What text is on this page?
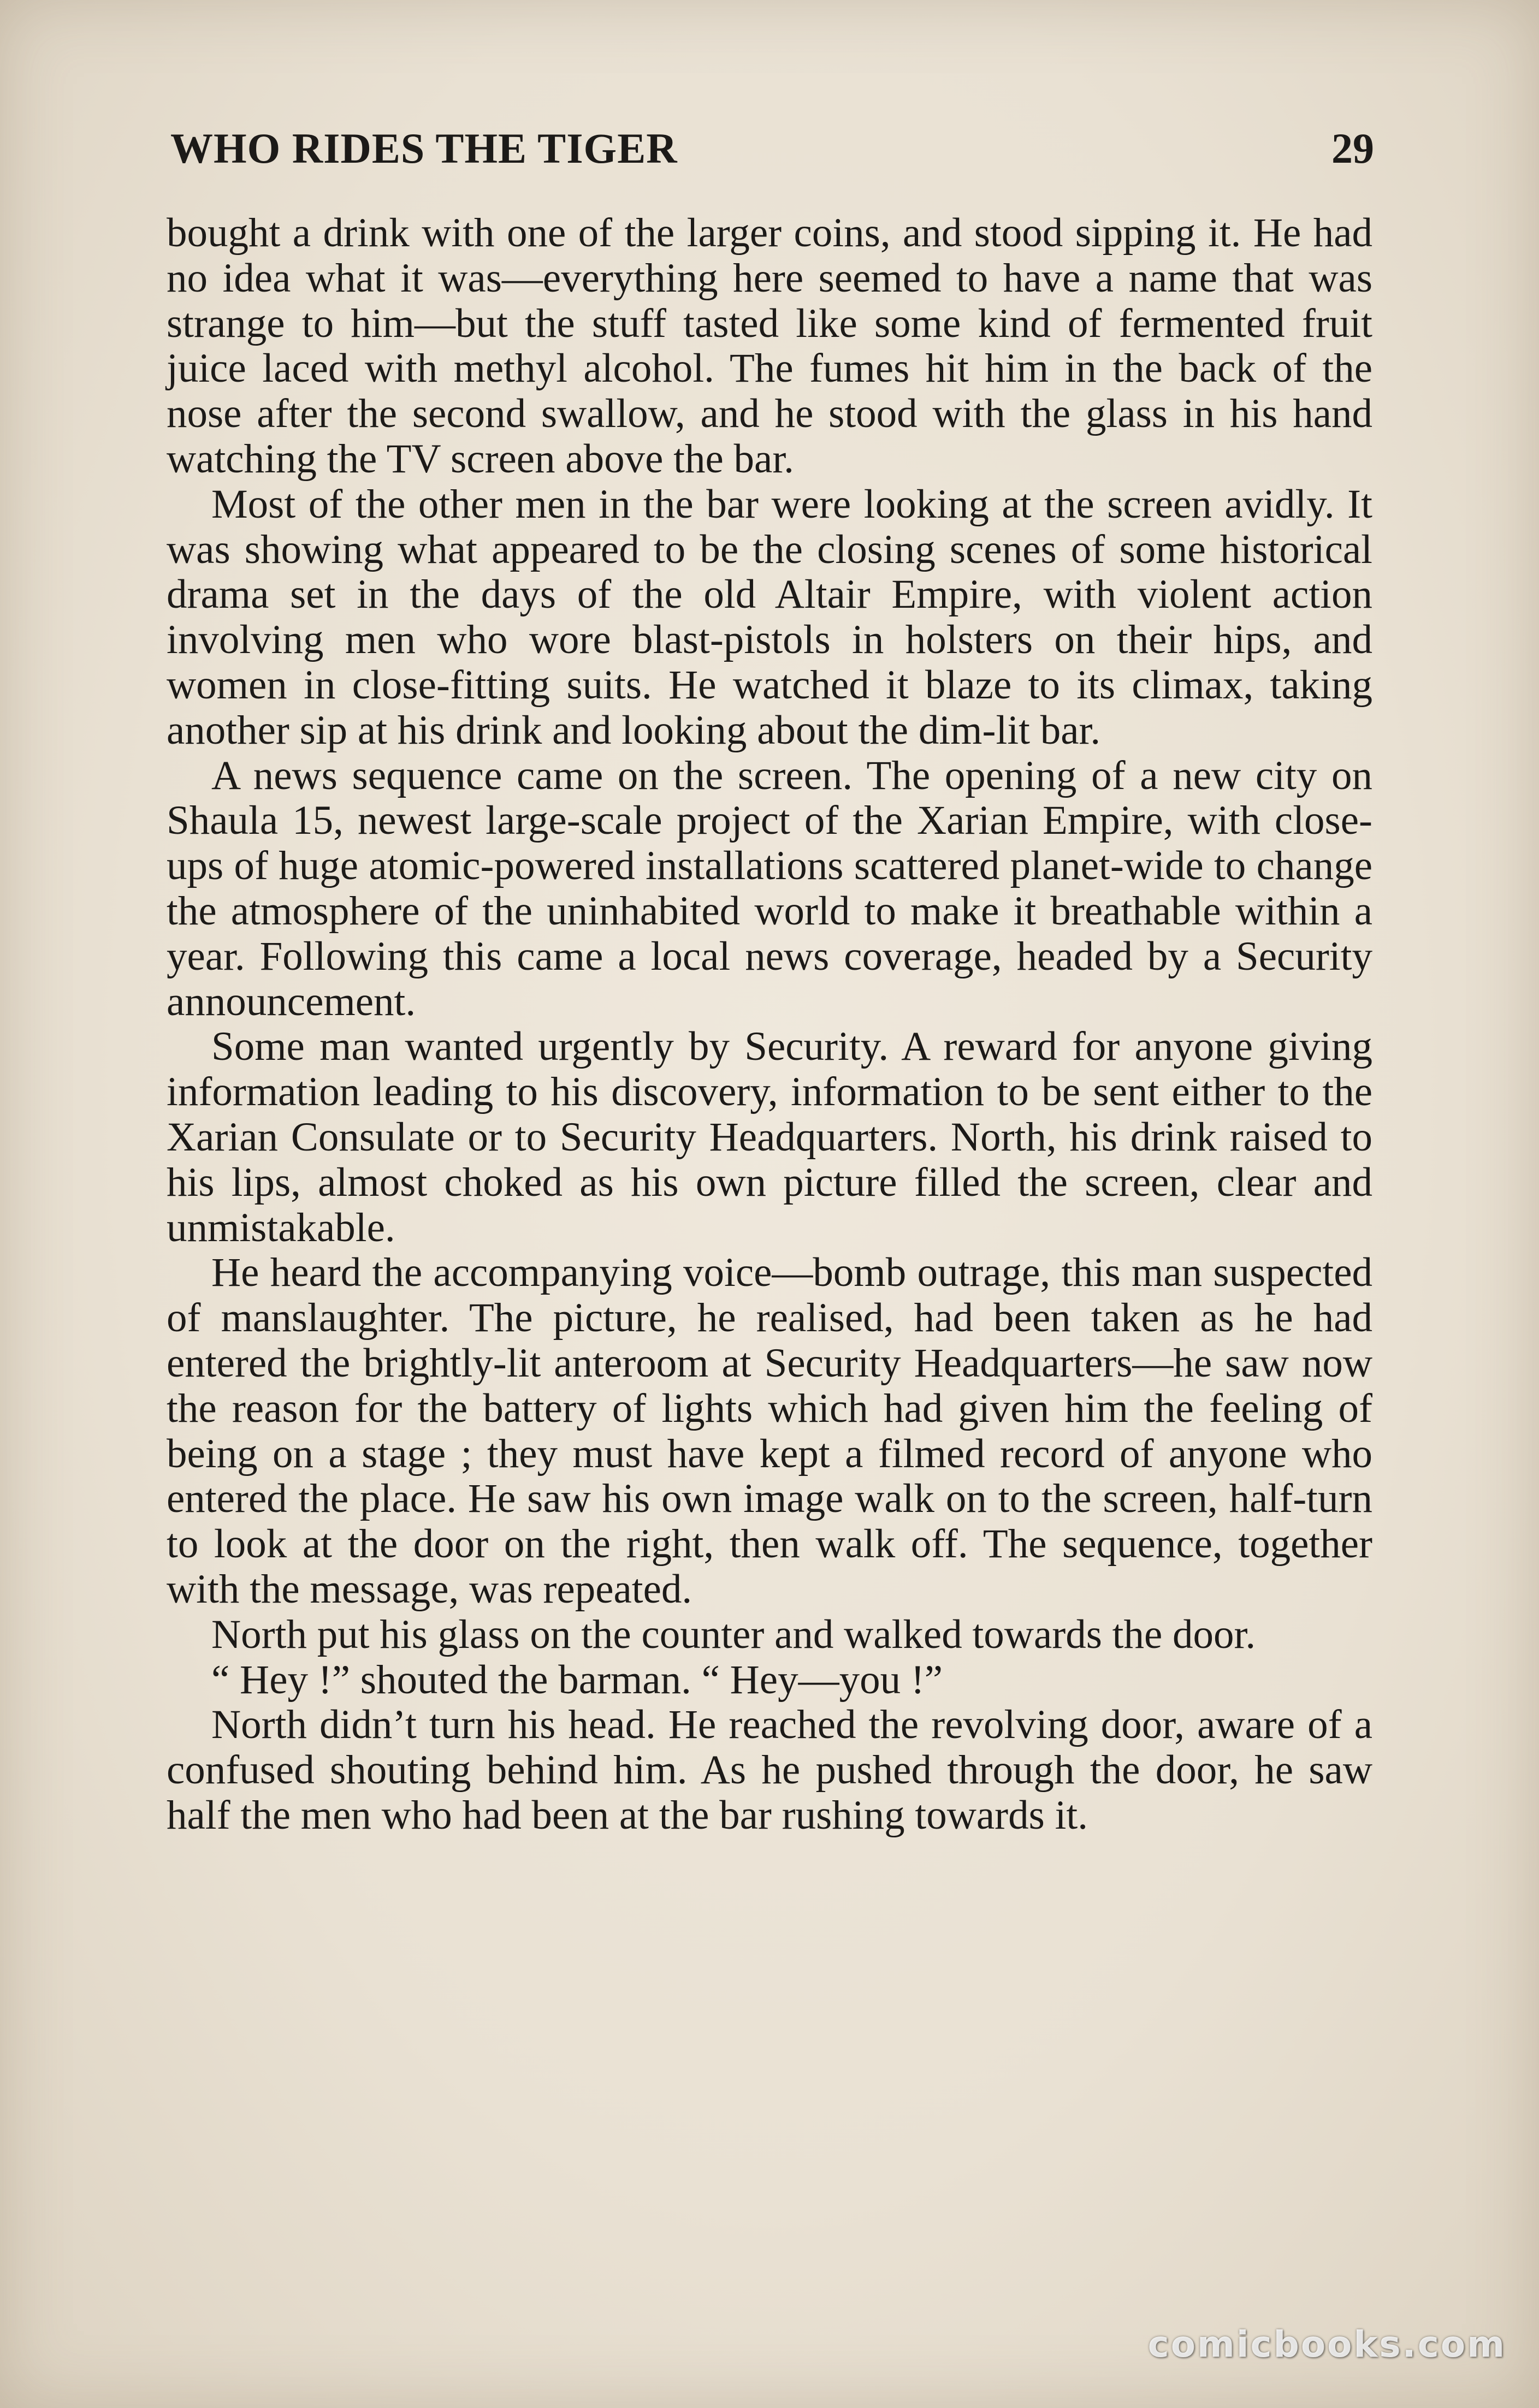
WHO RIDES THE TIGER	29

bought a drink with one of the larger coins, and stood sipping it. He had no idea what it was—everything here seemed to have a name that was strange to him—but the stuff tasted like some kind of fermented fruit juice laced with methyl alcohol. The fumes hit him in the back of the nose after the second swallow, and he stood with the glass in his hand watching the TV screen above the bar.

Most of the other men in the bar were looking at the screen avidly. It was showing what appeared to be the closing scenes of some historical drama set in the days of the old Altair Empire, with violent action involving men who wore blast-pistols in holsters on their hips, and women in close-fitting suits. He watched it blaze to its climax, taking another sip at his drink and looking about the dim-lit bar.

A news sequence came on the screen. The opening of a new city on Shaula 15, newest large-scale project of the Xarian Empire, with close-ups of huge atomic-powered installations scattered planet-wide to change the atmosphere of the uninhabited world to make it breathable within a year. Following this came a local news coverage, headed by a Security announcement.

Some man wanted urgently by Security. A reward for anyone giving information leading to his discovery, information to be sent either to the Xarian Consulate or to Security Headquarters. North, his drink raised to his lips, almost choked as his own picture filled the screen, clear and unmistakable.

He heard the accompanying voice—bomb outrage, this man suspected of manslaughter. The picture, he realised, had been taken as he had entered the brightly-lit anteroom at Security Headquarters—he saw now the reason for the battery of lights which had given him the feeling of being on a stage ; they must have kept a filmed record of anyone who entered the place. He saw his own image walk on to the screen, half-turn to look at the door on the right, then walk off. The sequence, together with the message, was repeated.

North put his glass on the counter and walked towards the door.

“ Hey !” shouted the barman. “ Hey—you !”

North didn’t turn his head. He reached the revolving door, aware of a confused shouting behind him. As he pushed through the door, he saw half the men who had been at the bar rushing towards it.

comicbooks.com
